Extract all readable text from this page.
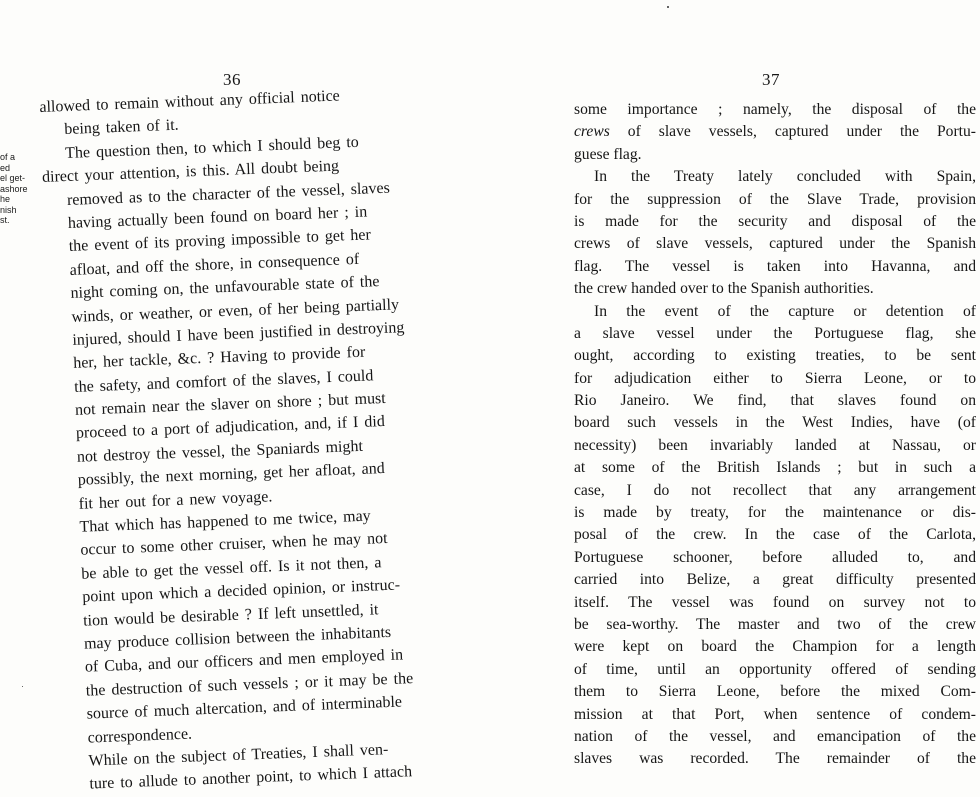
36
of a
ed
el get-
ashore
he
nish
st.
allowed to remain without any official notice
being taken of it.
The question then, to which I should beg to
direct your attention, is this. All doubt being
removed as to the character of the vessel, slaves
having actually been found on board her ; in
the event of its proving impossible to get her
afloat, and off the shore, in consequence of
night coming on, the unfavourable state of the
winds, or weather, or even, of her being partially
injured, should I have been justified in destroying
her, her tackle, &c. ? Having to provide for
the safety, and comfort of the slaves, I could
not remain near the slaver on shore ; but must
proceed to a port of adjudication, and, if I did
not destroy the vessel, the Spaniards might
possibly, the next morning, get her afloat, and
fit her out for a new voyage.
That which has happened to me twice, may
occur to some other cruiser, when he may not
be able to get the vessel off. Is it not then, a
point upon which a decided opinion, or instruc-
tion would be desirable ? If left unsettled, it
may produce collision between the inhabitants
of Cuba, and our officers and men employed in
the destruction of such vessels ; or it may be the
source of much altercation, and of interminable
correspondence.
While on the subject of Treaties, I shall ven-
ture to allude to another point, to which I attach
37
some importance ; namely, the disposal of the
crews of slave vessels, captured under the Portu-
guese flag.
In the Treaty lately concluded with Spain,
for the suppression of the Slave Trade, provision
is made for the security and disposal of the
crews of slave vessels, captured under the Spanish
flag. The vessel is taken into Havanna, and
the crew handed over to the Spanish authorities.
In the event of the capture or detention of
a slave vessel under the Portuguese flag, she
ought, according to existing treaties, to be sent
for adjudication either to Sierra Leone, or to
Rio Janeiro. We find, that slaves found on
board such vessels in the West Indies, have (of
necessity) been invariably landed at Nassau, or
at some of the British Islands ; but in such a
case, I do not recollect that any arrangement
is made by treaty, for the maintenance or dis-
posal of the crew. In the case of the Carlota,
Portuguese schooner, before alluded to, and
carried into Belize, a great difficulty presented
itself. The vessel was found on survey not to
be sea-worthy. The master and two of the crew
were kept on board the Champion for a length
of time, until an opportunity offered of sending
them to Sierra Leone, before the mixed Com-
mission at that Port, when sentence of condem-
nation of the vessel, and emancipation of the
slaves was recorded. The remainder of the
